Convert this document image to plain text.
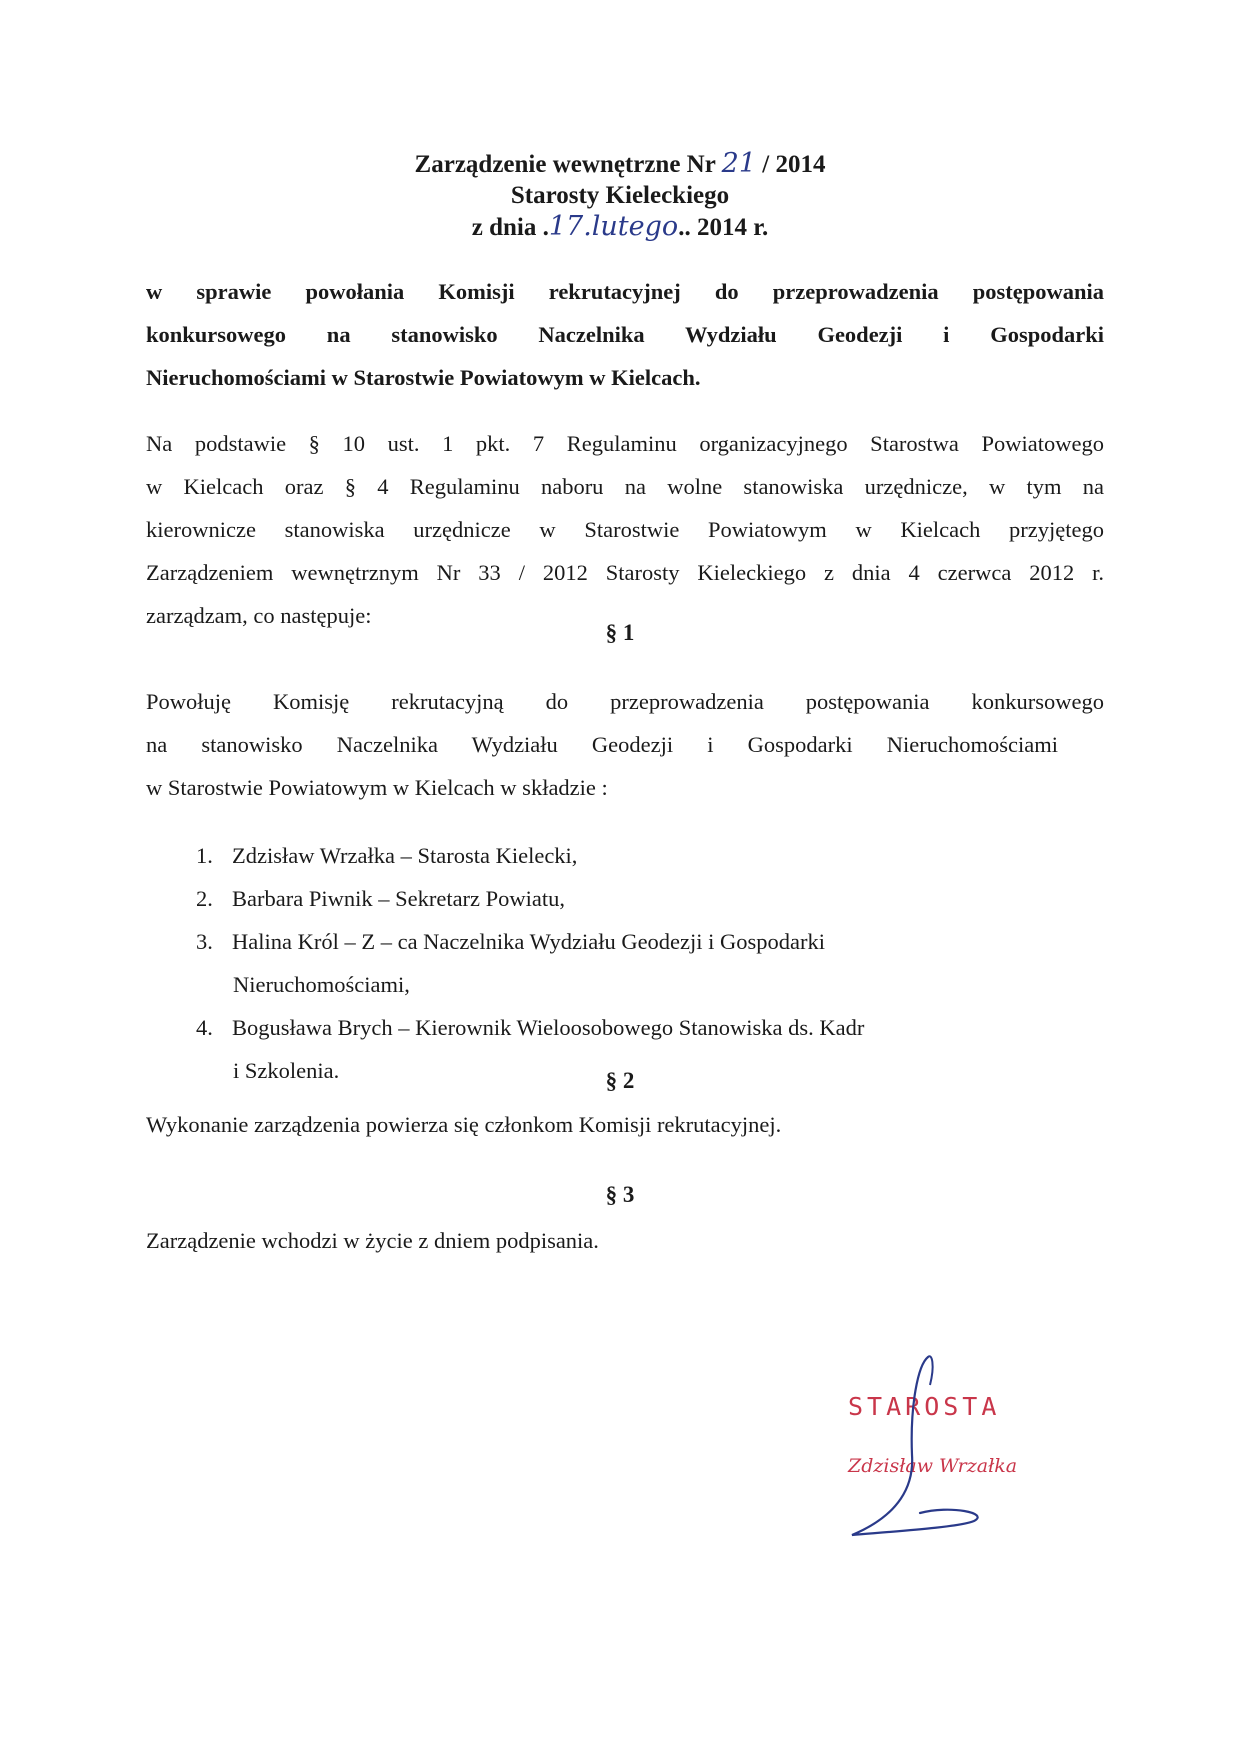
Zarządzenie wewnętrzne Nr 21 / 2014
Starosty Kieleckiego
z dnia .17.lutego.. 2014 r.
w sprawie powołania Komisji rekrutacyjnej do przeprowadzenia postępowania
konkursowego na stanowisko Naczelnika Wydziału Geodezji i Gospodarki
Nieruchomościami w Starostwie Powiatowym w Kielcach.
Na podstawie § 10 ust. 1 pkt. 7 Regulaminu organizacyjnego Starostwa Powiatowego
w Kielcach oraz § 4 Regulaminu naboru na wolne stanowiska urzędnicze, w tym na
kierownicze stanowiska urzędnicze w Starostwie Powiatowym w Kielcach przyjętego
Zarządzeniem wewnętrznym Nr 33 / 2012 Starosty Kieleckiego z dnia 4 czerwca 2012 r.
zarządzam, co następuje:
§ 1
Powołuję Komisję rekrutacyjną do przeprowadzenia postępowania konkursowego
na stanowisko Naczelnika Wydziału Geodezji i Gospodarki Nieruchomościami
w Starostwie Powiatowym w Kielcach w składzie :
1. Zdzisław Wrzałka – Starosta Kielecki,
2. Barbara Piwnik – Sekretarz Powiatu,
3. Halina Król – Z – ca Naczelnika Wydziału Geodezji i Gospodarki
Nieruchomościami,
4. Bogusława Brych – Kierownik Wieloosobowego Stanowiska ds. Kadr
i Szkolenia.	§ 2
Wykonanie zarządzenia powierza się członkom Komisji rekrutacyjnej.
§ 3
Zarządzenie wchodzi w życie z dniem podpisania.
STAROSTA
Zdzisław Wrzałka
